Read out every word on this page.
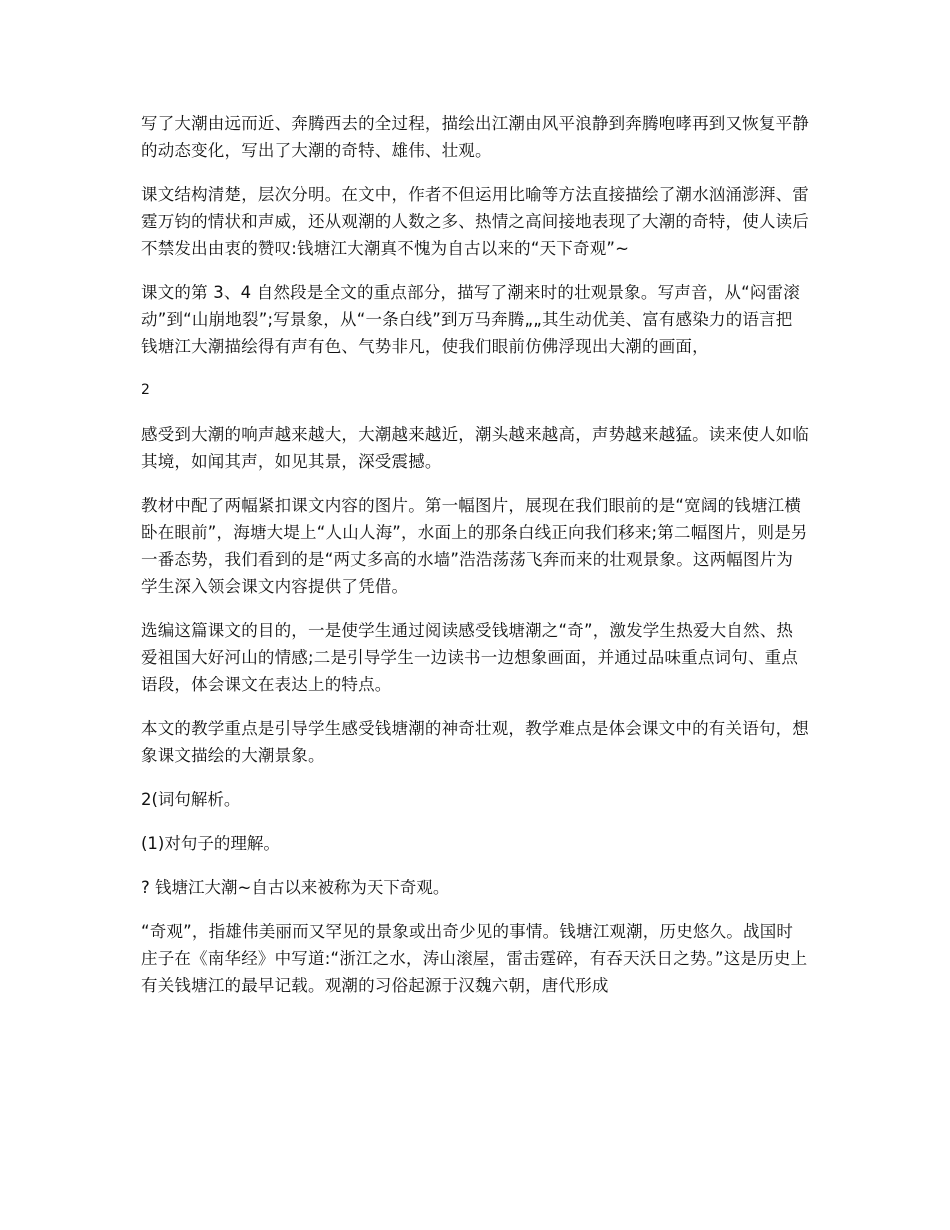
写了大潮由远而近、奔腾西去的全过程，描绘出江潮由风平浪静到奔腾咆哮再到又恢复平静的动态变化，写出了大潮的奇特、雄伟、壮观。

课文结构清楚，层次分明。在文中，作者不但运用比喻等方法直接描绘了潮水汹涌澎湃、雷霆万钧的情状和声威，还从观潮的人数之多、热情之高间接地表现了大潮的奇特，使人读后不禁发出由衷的赞叹:钱塘江大潮真不愧为自古以来的“天下奇观”~

课文的第 3、4 自然段是全文的重点部分，描写了潮来时的壮观景象。写声音，从“闷雷滚动”到“山崩地裂”;写景象，从“一条白线”到万马奔腾„„其生动优美、富有感染力的语言把钱塘江大潮描绘得有声有色、气势非凡，使我们眼前仿佛浮现出大潮的画面，

2

感受到大潮的响声越来越大，大潮越来越近，潮头越来越高，声势越来越猛。读来使人如临其境，如闻其声，如见其景，深受震撼。

教材中配了两幅紧扣课文内容的图片。第一幅图片，展现在我们眼前的是“宽阔的钱塘江横卧在眼前”，海塘大堤上“人山人海”，水面上的那条白线正向我们移来;第二幅图片，则是另一番态势，我们看到的是“两丈多高的水墙”浩浩荡荡飞奔而来的壮观景象。这两幅图片为学生深入领会课文内容提供了凭借。

选编这篇课文的目的，一是使学生通过阅读感受钱塘潮之“奇”，激发学生热爱大自然、热爱祖国大好河山的情感;二是引导学生一边读书一边想象画面，并通过品味重点词句、重点语段，体会课文在表达上的特点。

本文的教学重点是引导学生感受钱塘潮的神奇壮观，教学难点是体会课文中的有关语句，想象课文描绘的大潮景象。

2(词句解析。

(1)对句子的理解。

? 钱塘江大潮~自古以来被称为天下奇观。

“奇观”，指雄伟美丽而又罕见的景象或出奇少见的事情。钱塘江观潮，历史悠久。战国时庄子在《南华经》中写道:“浙江之水，涛山滚屋，雷击霆碎，有吞天沃日之势。”这是历史上有关钱塘江的最早记载。观潮的习俗起源于汉魏六朝，唐代形成
